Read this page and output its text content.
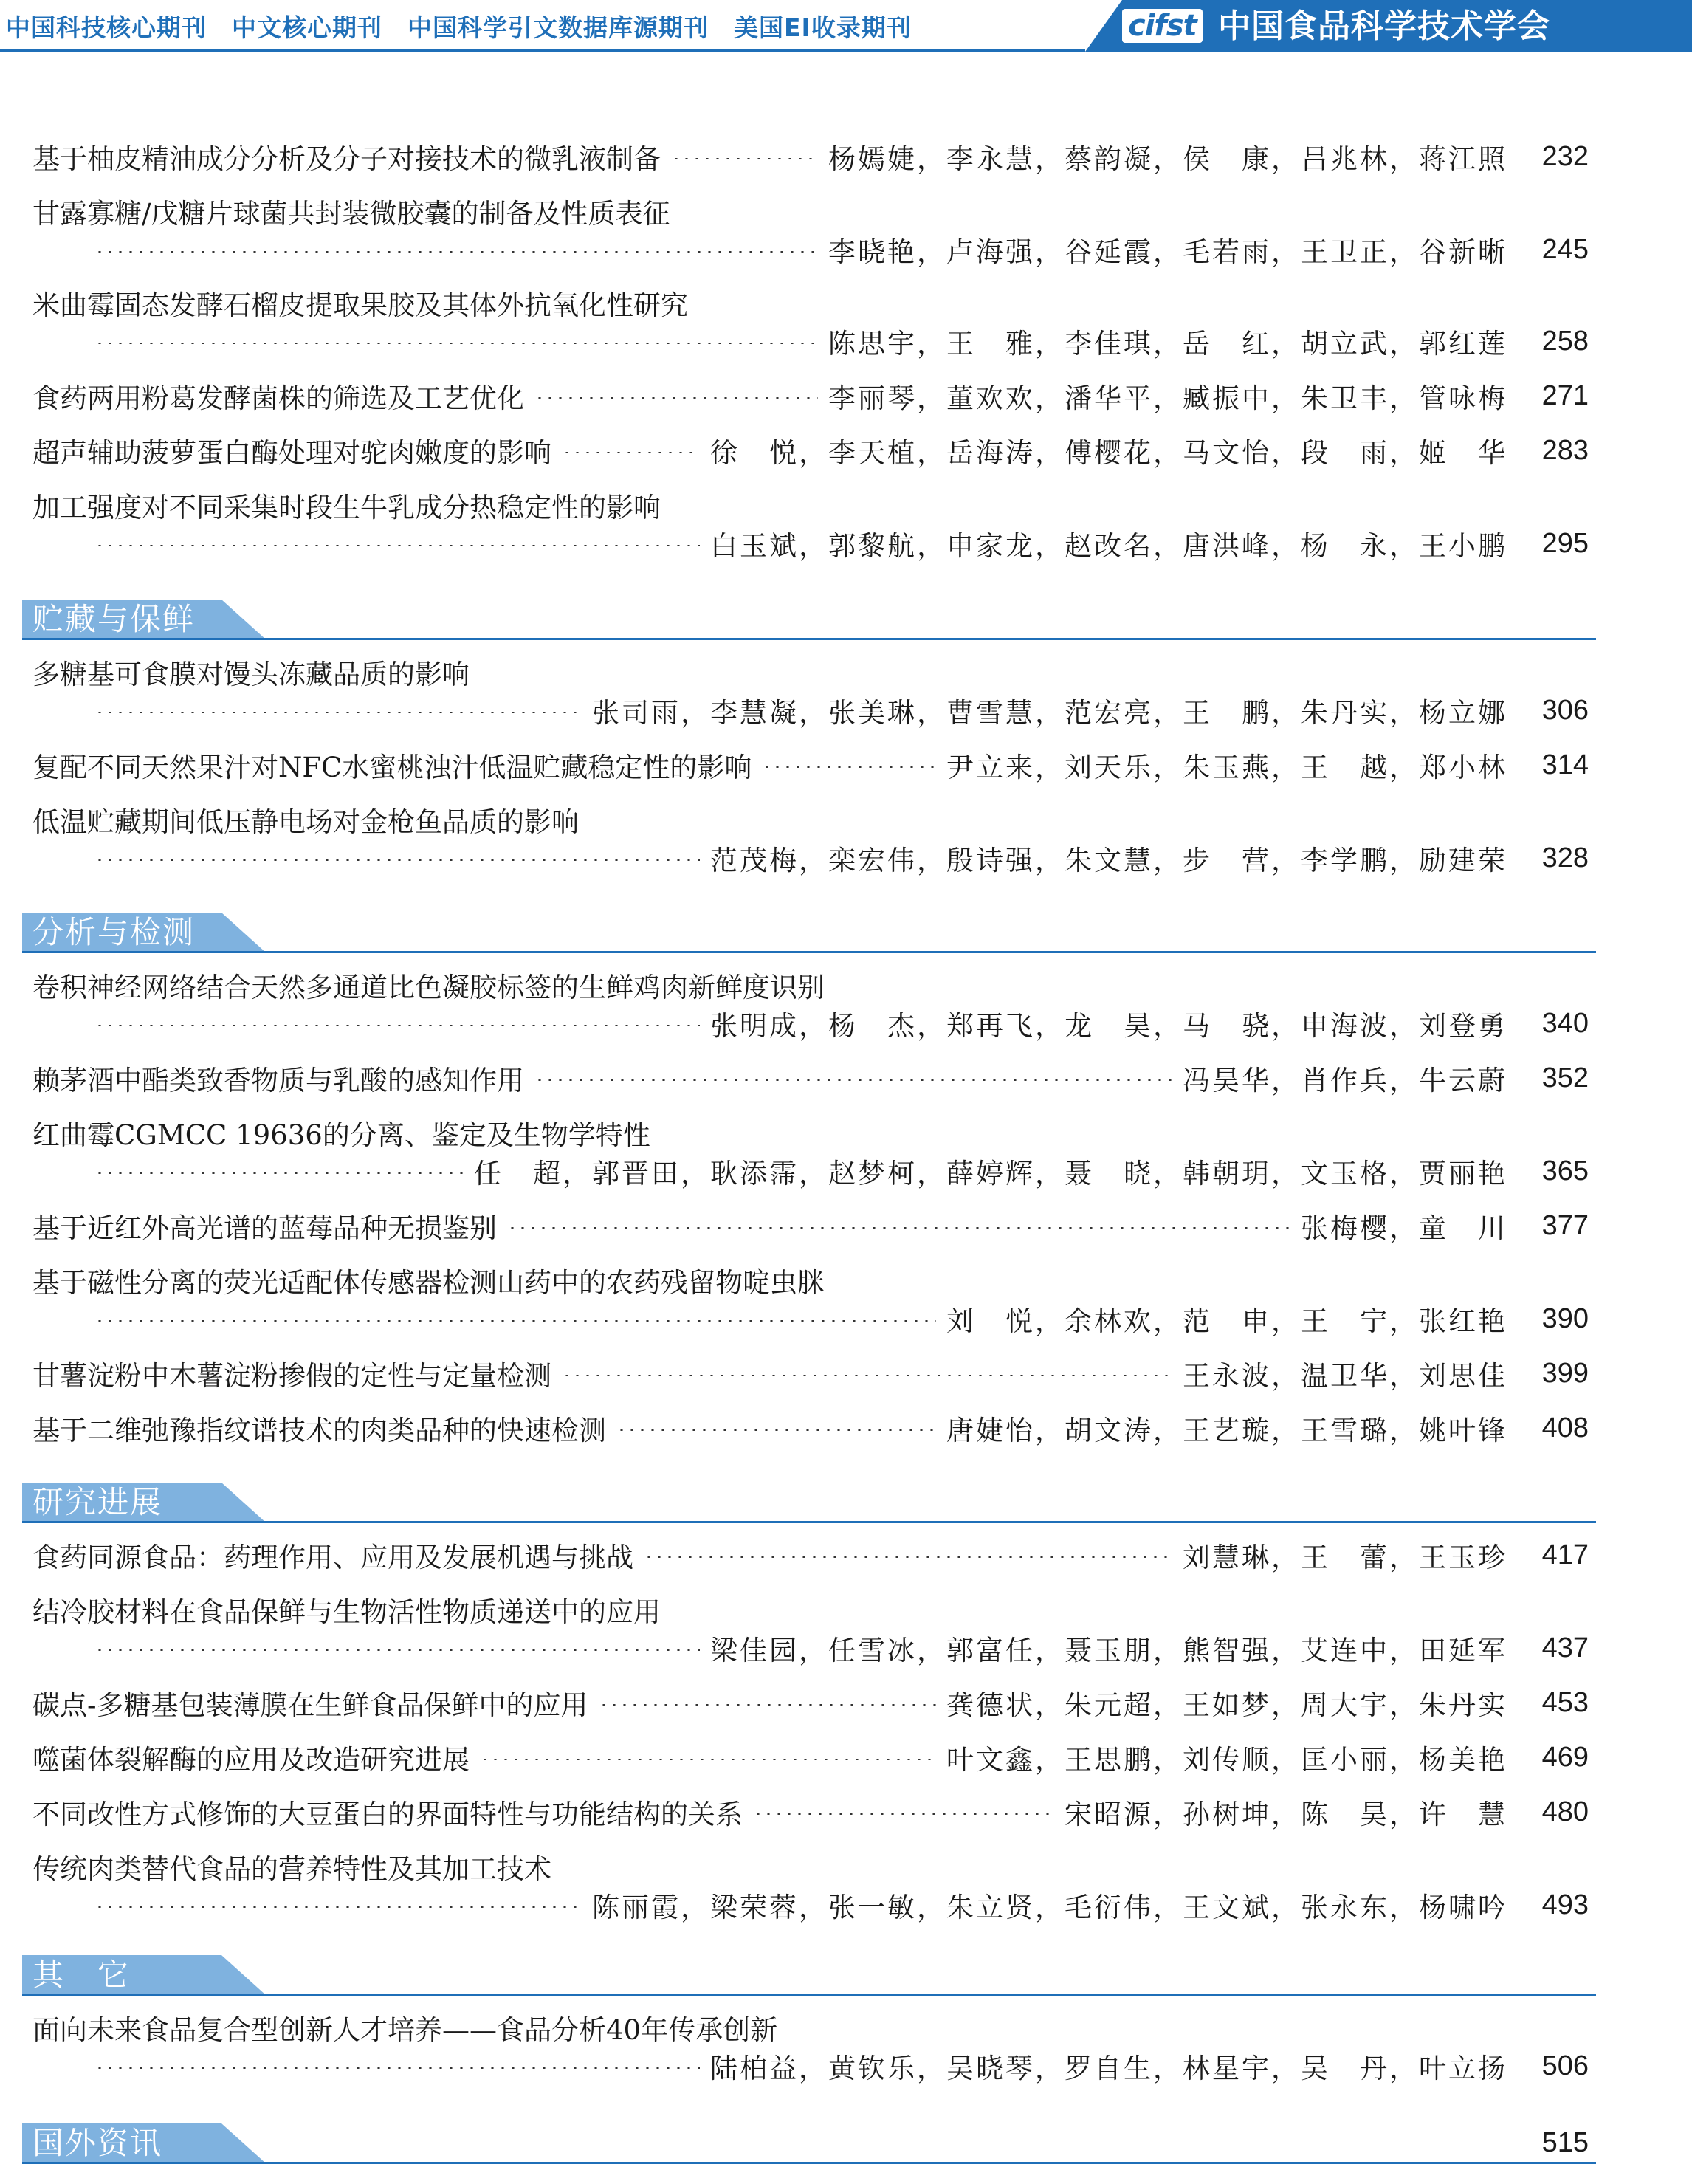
中国科技核心期刊 中文核心期刊 中国科学引文数据库源期刊 美国EI收录期刊	cifst 中国食品科学技术学会
基于柚皮精油成分分析及分子对接技术的微乳液制备	杨嫣婕，李永慧，蔡韵凝，侯　康，吕兆林，蒋江照	232
甘露寡糖/戊糖片球菌共封装微胶囊的制备及性质表征
李晓艳，卢海强，谷延霞，毛若雨，王卫正，谷新晰	245
米曲霉固态发酵石榴皮提取果胶及其体外抗氧化性研究
陈思宇，王　雅，李佳琪，岳　红，胡立武，郭红莲	258
食药两用粉葛发酵菌株的筛选及工艺优化	李丽琴，董欢欢，潘华平，臧振中，朱卫丰，管咏梅	271
超声辅助菠萝蛋白酶处理对驼肉嫩度的影响	徐　悦，李天植，岳海涛，傅樱花，马文怡，段　雨，姬　华	283
加工强度对不同采集时段生牛乳成分热稳定性的影响
白玉斌，郭黎航，申家龙，赵改名，唐洪峰，杨　永，王小鹏	295
贮藏与保鲜
多糖基可食膜对馒头冻藏品质的影响
张司雨，李慧凝，张美琳，曹雪慧，范宏亮，王　鹏，朱丹实，杨立娜	306
复配不同天然果汁对NFC水蜜桃浊汁低温贮藏稳定性的影响	尹立来，刘天乐，朱玉燕，王　越，郑小林	314
低温贮藏期间低压静电场对金枪鱼品质的影响
范茂梅，栾宏伟，殷诗强，朱文慧，步　营，李学鹏，励建荣	328
分析与检测
卷积神经网络结合天然多通道比色凝胶标签的生鲜鸡肉新鲜度识别
张明成，杨　杰，郑再飞，龙　昊，马　骁，申海波，刘登勇	340
赖茅酒中酯类致香物质与乳酸的感知作用	冯昊华，肖作兵，牛云蔚	352
红曲霉CGMCC 19636的分离、鉴定及生物学特性
任　超，郭晋田，耿添霈，赵梦柯，薛婷辉，聂　晓，韩朝玥，文玉格，贾丽艳	365
基于近红外高光谱的蓝莓品种无损鉴别	张梅樱，童　川	377
基于磁性分离的荧光适配体传感器检测山药中的农药残留物啶虫脒
刘　悦，余林欢，范　申，王　宁，张红艳	390
甘薯淀粉中木薯淀粉掺假的定性与定量检测	王永波，温卫华，刘思佳	399
基于二维弛豫指纹谱技术的肉类品种的快速检测	唐婕怡，胡文涛，王艺璇，王雪璐，姚叶锋	408
研究进展
食药同源食品：药理作用、应用及发展机遇与挑战	刘慧琳，王　蕾，王玉珍	417
结冷胶材料在食品保鲜与生物活性物质递送中的应用
梁佳园，任雪冰，郭富任，聂玉朋，熊智强，艾连中，田延军	437
碳点-多糖基包装薄膜在生鲜食品保鲜中的应用	龚德状，朱元超，王如梦，周大宇，朱丹实	453
噬菌体裂解酶的应用及改造研究进展	叶文鑫，王思鹏，刘传顺，匡小丽，杨美艳	469
不同改性方式修饰的大豆蛋白的界面特性与功能结构的关系	宋昭源，孙树坤，陈　昊，许　慧	480
传统肉类替代食品的营养特性及其加工技术
陈丽霞，梁荣蓉，张一敏，朱立贤，毛衍伟，王文斌，张永东，杨啸吟	493
其　它
面向未来食品复合型创新人才培养——食品分析40年传承创新
陆柏益，黄钦乐，吴晓琴，罗自生，林星宇，吴　丹，叶立扬	506
国外资讯	515
